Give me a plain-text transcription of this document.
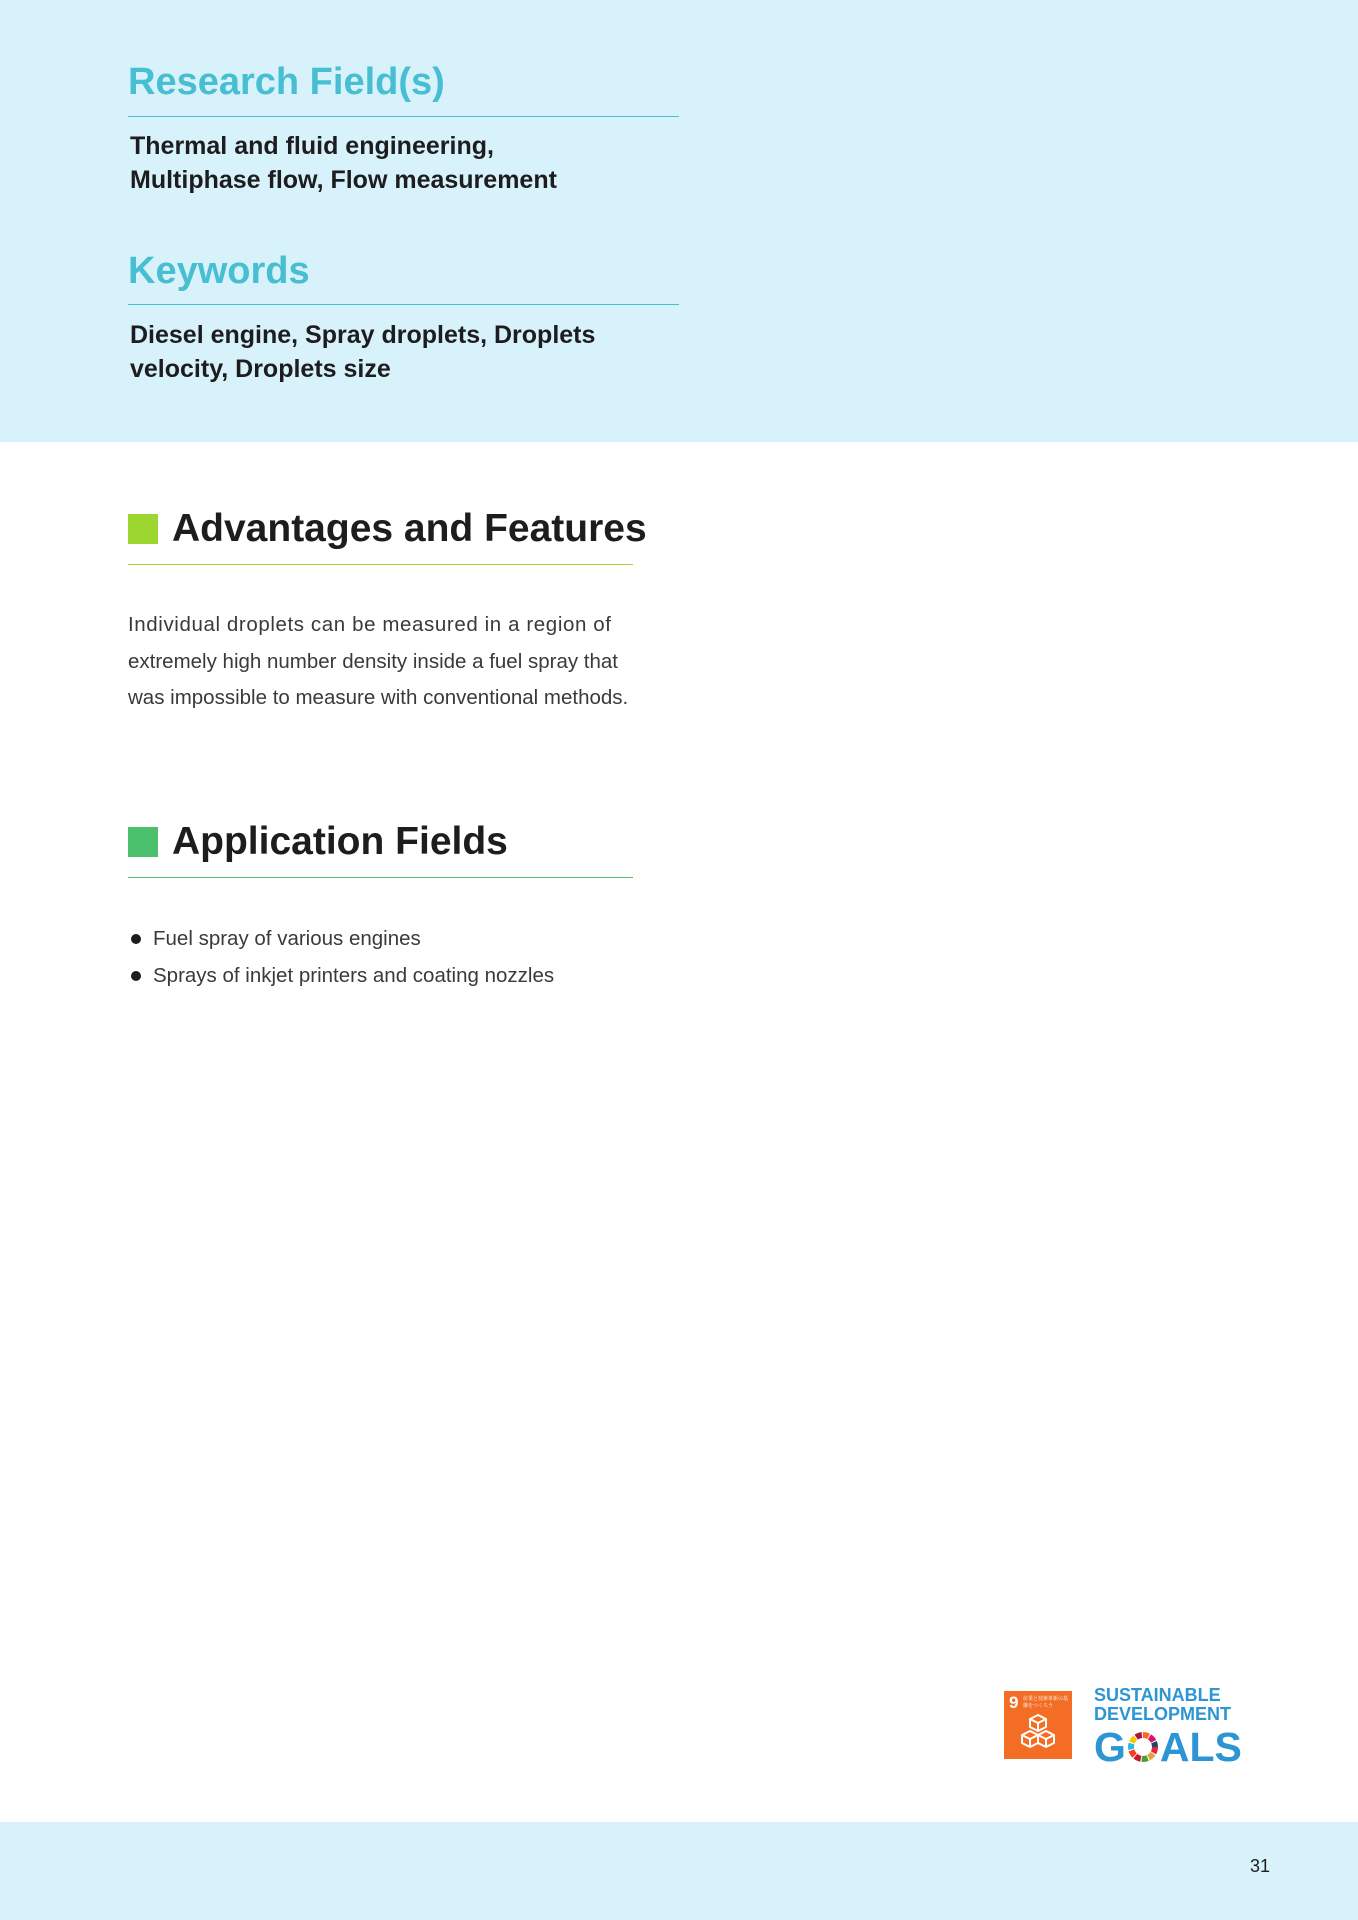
Research Field(s)
Thermal and fluid engineering,
Multiphase flow, Flow measurement
Keywords
Diesel engine, Spray droplets, Droplets
velocity, Droplets size
Advantages and Features
Individual droplets can be measured in a region of
extremely high number density inside a fuel spray that
was impossible to measure with conventional methods.
Application Fields
Fuel spray of various engines
Sprays of inkjet printers and coating nozzles
9 産業と技術革新の基盤をつくろう
SUSTAINABLE
DEVELOPMENT
G ALS
31
